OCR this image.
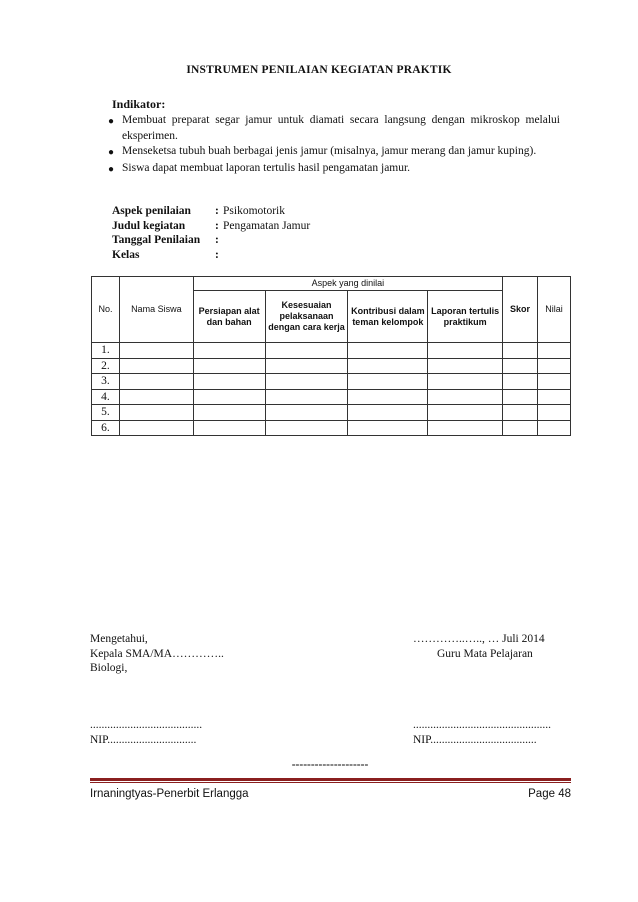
INSTRUMEN PENILAIAN KEGIATAN PRAKTIK
Indikator:
● Membuat preparat segar jamur untuk diamati secara langsung dengan mikroskop melalui eksperimen.
● Menseketsa tubuh buah berbagai jenis jamur (misalnya, jamur merang dan jamur kuping).
● Siswa dapat membuat laporan tertulis hasil pengamatan jamur.
Aspek penilaian	: Psikomotorik
Judul kegiatan	: Pengamatan Jamur
Tanggal Penilaian	:
Kelas	:
No.	Nama Siswa	Aspek yang dinilai				Skor	Nilai
		Persiapan alat dan bahan	Kesesuaian pelaksanaan dengan cara kerja	Kontribusi dalam teman kelompok	Laporan tertulis praktikum		
1.							
2.							
3.							
4.							
5.							
6.							
Mengetahui,
Kepala SMA/MA…………..
Biologi,
…………..….., … Juli 2014
Guru Mata Pelajaran
.......................................
NIP...............................
................................................
NIP.....................................
--------------------
Irnaningtyas-Penerbit Erlangga	Page 48
